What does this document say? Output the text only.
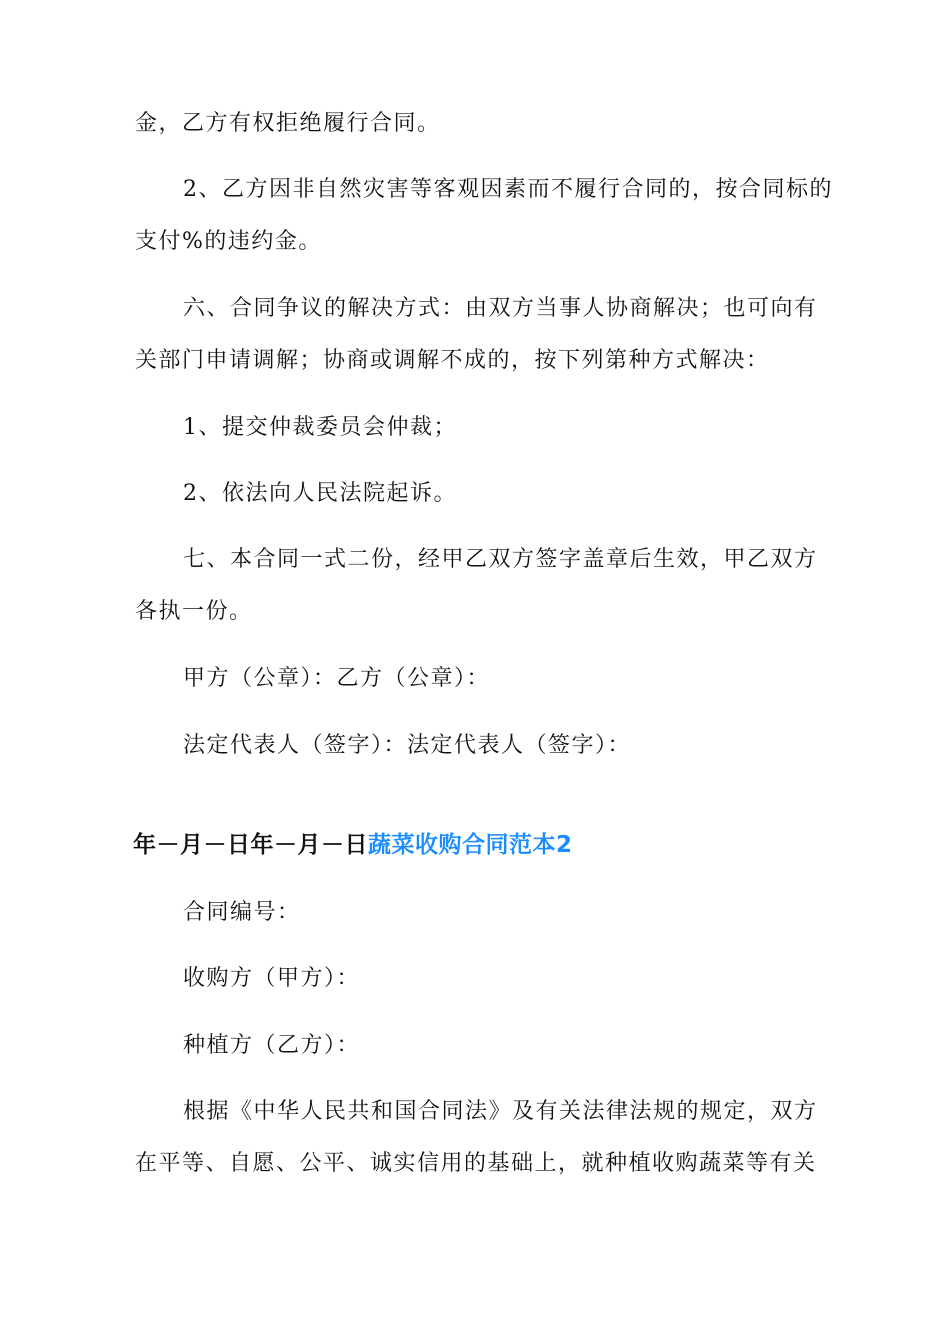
金，乙方有权拒绝履行合同。
2、乙方因非自然灾害等客观因素而不履行合同的，按合同标的
支付%的违约金。
六、合同争议的解决方式：由双方当事人协商解决；也可向有
关部门申请调解；协商或调解不成的，按下列第种方式解决：
1、提交仲裁委员会仲裁；
2、依法向人民法院起诉。
七、本合同一式二份，经甲乙双方签字盖章后生效，甲乙双方
各执一份。
甲方（公章）：乙方（公章）：
法定代表人（签字）：法定代表人（签字）：
年－月－日年－月－日蔬菜收购合同范本2
合同编号：
收购方（甲方）：
种植方（乙方）：
根据《中华人民共和国合同法》及有关法律法规的规定，双方
在平等、自愿、公平、诚实信用的基础上，就种植收购蔬菜等有关
